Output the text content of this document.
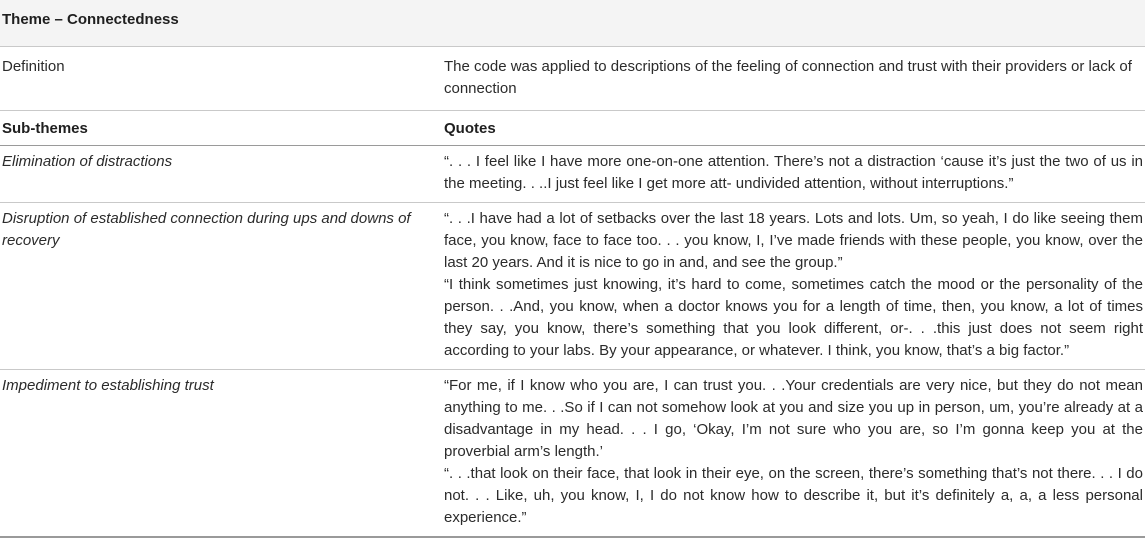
Theme – Connectedness	
Definition	The code was applied to descriptions of the feeling of connection and trust with their providers or lack of connection
Sub-themes	Quotes
Elimination of distractions	“. . . I feel like I have more one-on-one attention. There’s not a distraction ‘cause it’s just the two of us in the meeting. . ..I just feel like I get more att- undivided attention, without interruptions.”

Disruption of established connection during ups and downs of recovery	“. . .I have had a lot of setbacks over the last 18 years. Lots and lots. Um, so yeah, I do like seeing them face, you know, face to face too. . . you know, I, I’ve made friends with these people, you know, over the last 20 years. And it is nice to go in and, and see the group.”

“I think sometimes just knowing, it’s hard to come, sometimes catch the mood or the personality of the person. . .And, you know, when a doctor knows you for a length of time, then, you know, a lot of times they say, you know, there’s something that you look different, or-. . .this just does not seem right according to your labs. By your appearance, or whatever. I think, you know, that’s a big factor.”

Impediment to establishing trust	“For me, if I know who you are, I can trust you. . .Your credentials are very nice, but they do not mean anything to me. . .So if I can not somehow look at you and size you up in person, um, you’re already at a disadvantage in my head. . . I go, ‘Okay, I’m not sure who you are, so I’m gonna keep you at the proverbial arm’s length.’

“. . .that look on their face, that look in their eye, on the screen, there’s something that’s not there. . . I do not. . . Like, uh, you know, I, I do not know how to describe it, but it’s definitely a, a, a less personal experience.”
